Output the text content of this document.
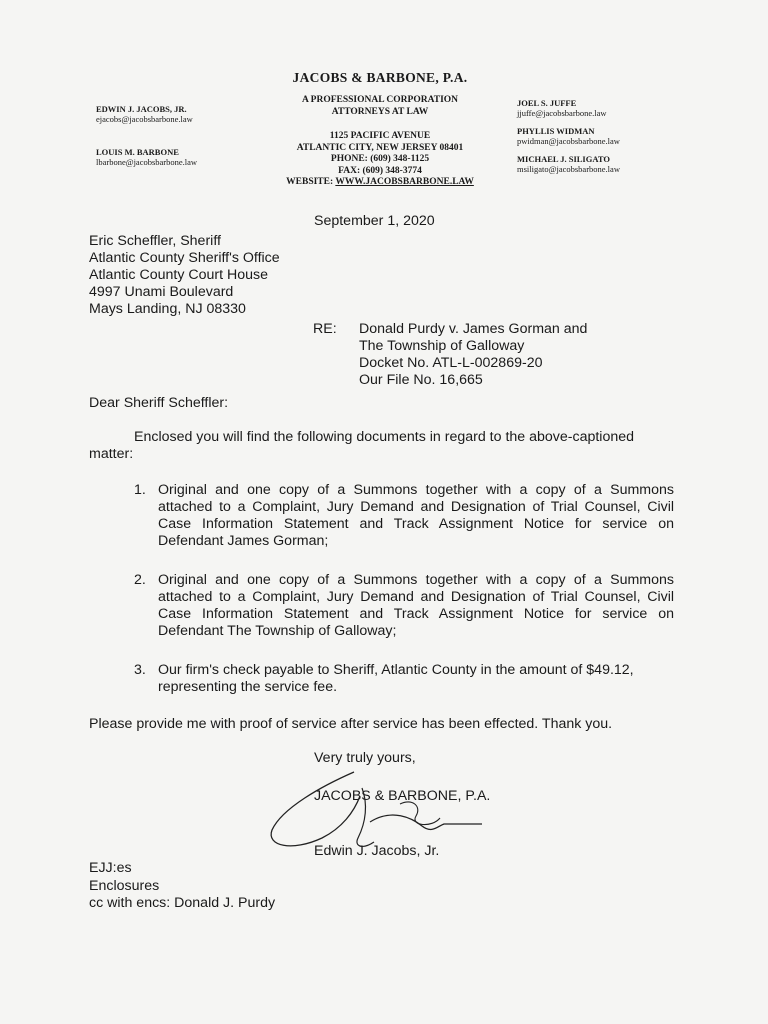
JACOBS & BARBONE, P.A.
A PROFESSIONAL CORPORATION
ATTORNEYS AT LAW
1125 PACIFIC AVENUE
ATLANTIC CITY, NEW JERSEY 08401
PHONE: (609) 348-1125
FAX: (609) 348-3774
WEBSITE: WWW.JACOBSBARBONE.LAW
EDWIN J. JACOBS, JR.
ejacobs@jacobsbarbone.law
LOUIS M. BARBONE
lbarbone@jacobsbarbone.law
JOEL S. JUFFE
jjuffe@jacobsbarbone.law
PHYLLIS WIDMAN
pwidman@jacobsbarbone.law
MICHAEL J. SILIGATO
msiligato@jacobsbarbone.law
September 1, 2020
Eric Scheffler, Sheriff
Atlantic County Sheriff's Office
Atlantic County Court House
4997 Unami Boulevard
Mays Landing, NJ 08330
RE: Donald Purdy v. James Gorman and
The Township of Galloway
Docket No. ATL-L-002869-20
Our File No. 16,665
Dear Sheriff Scheffler:
Enclosed you will find the following documents in regard to the above-captioned
matter:
1. Original and one copy of a Summons together with a copy of a Summons
attached to a Complaint, Jury Demand and Designation of Trial Counsel, Civil
Case Information Statement and Track Assignment Notice for service on
Defendant James Gorman;
2. Original and one copy of a Summons together with a copy of a Summons
attached to a Complaint, Jury Demand and Designation of Trial Counsel, Civil
Case Information Statement and Track Assignment Notice for service on
Defendant The Township of Galloway;
3. Our firm's check payable to Sheriff, Atlantic County in the amount of $49.12,
representing the service fee.
Please provide me with proof of service after service has been effected. Thank you.
Very truly yours,
JACOBS & BARBONE, P.A.
Edwin J. Jacobs, Jr.
EJJ:es
Enclosures
cc with encs: Donald J. Purdy
